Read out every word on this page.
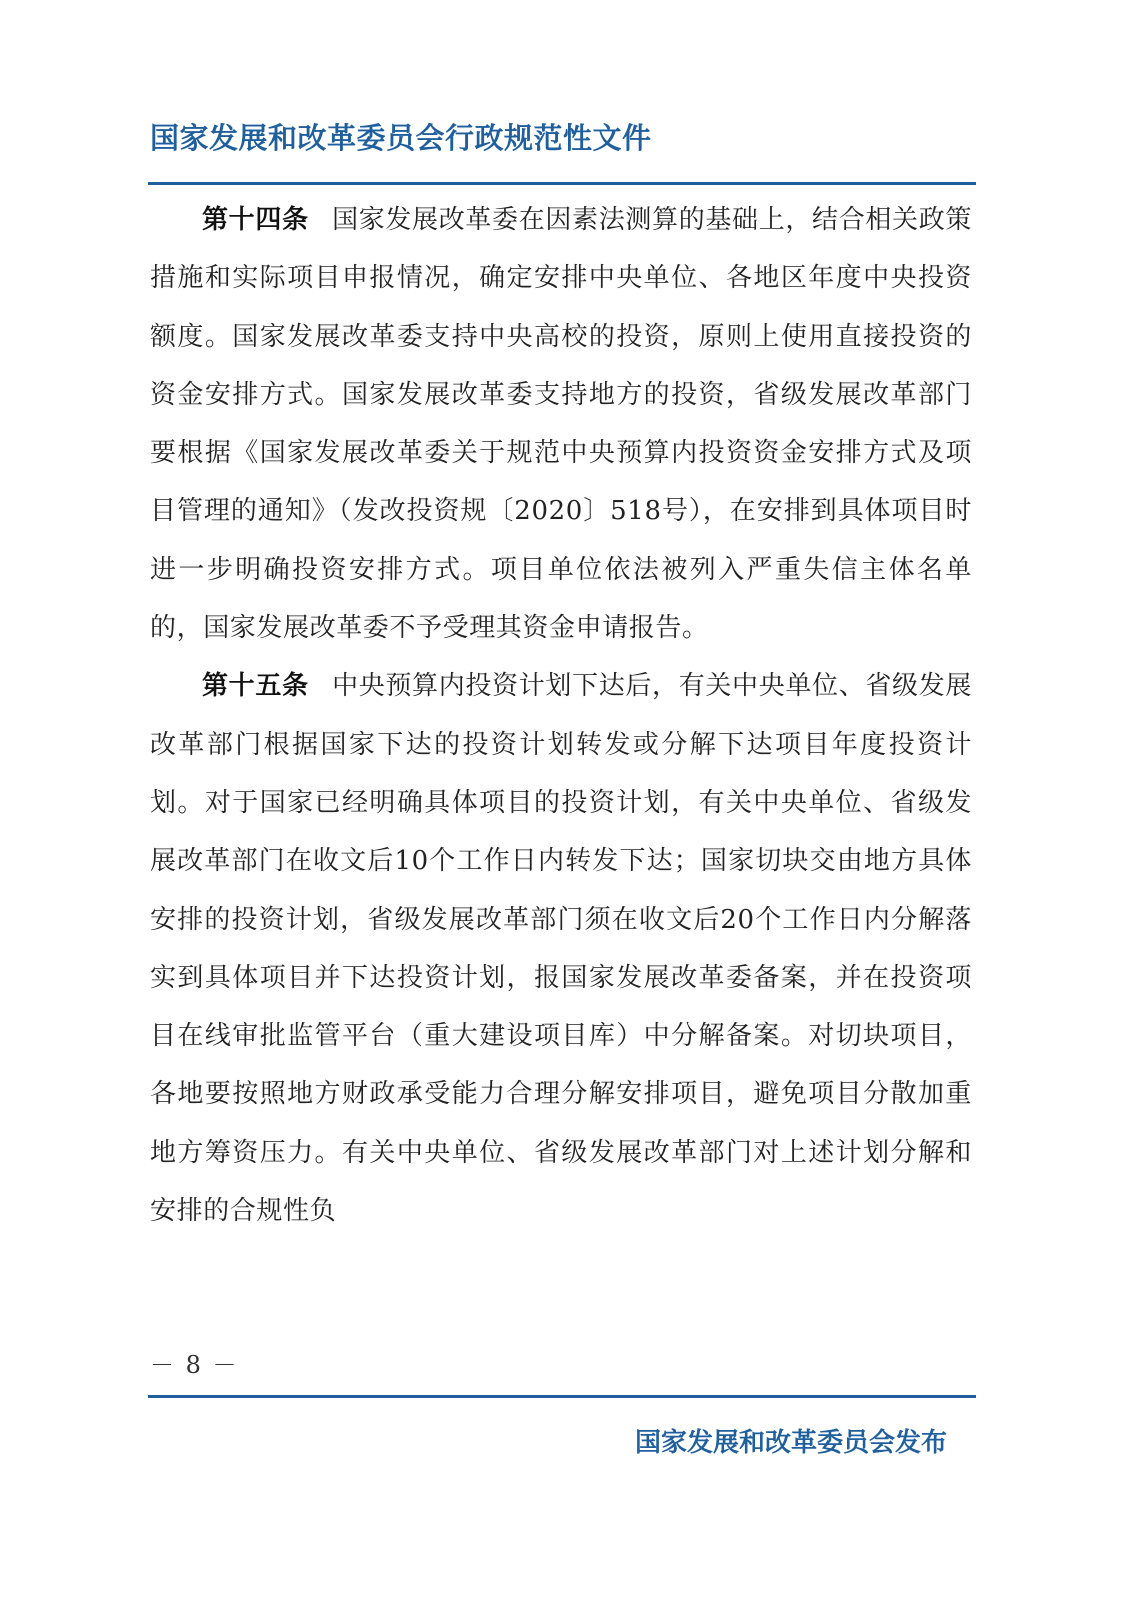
国家发展和改革委员会行政规范性文件

第十四条 国家发展改革委在因素法测算的基础上，结合相关政策措施和实际项目申报情况，确定安排中央单位、各地区年度中央投资额度。国家发展改革委支持中央高校的投资，原则上使用直接投资的资金安排方式。国家发展改革委支持地方的投资，省级发展改革部门要根据《国家发展改革委关于规范中央预算内投资资金安排方式及项目管理的通知》（发改投资规〔2020〕518号），在安排到具体项目时进一步明确投资安排方式。项目单位依法被列入严重失信主体名单的，国家发展改革委不予受理其资金申请报告。

第十五条 中央预算内投资计划下达后，有关中央单位、省级发展改革部门根据国家下达的投资计划转发或分解下达项目年度投资计划。对于国家已经明确具体项目的投资计划，有关中央单位、省级发展改革部门在收文后10个工作日内转发下达；国家切块交由地方具体安排的投资计划，省级发展改革部门须在收文后20个工作日内分解落实到具体项目并下达投资计划，报国家发展改革委备案，并在投资项目在线审批监管平台（重大建设项目库）中分解备案。对切块项目，各地要按照地方财政承受能力合理分解安排项目，避免项目分散加重地方筹资压力。有关中央单位、省级发展改革部门对上述计划分解和安排的合规性负

－ 8 －
国家发展和改革委员会发布
